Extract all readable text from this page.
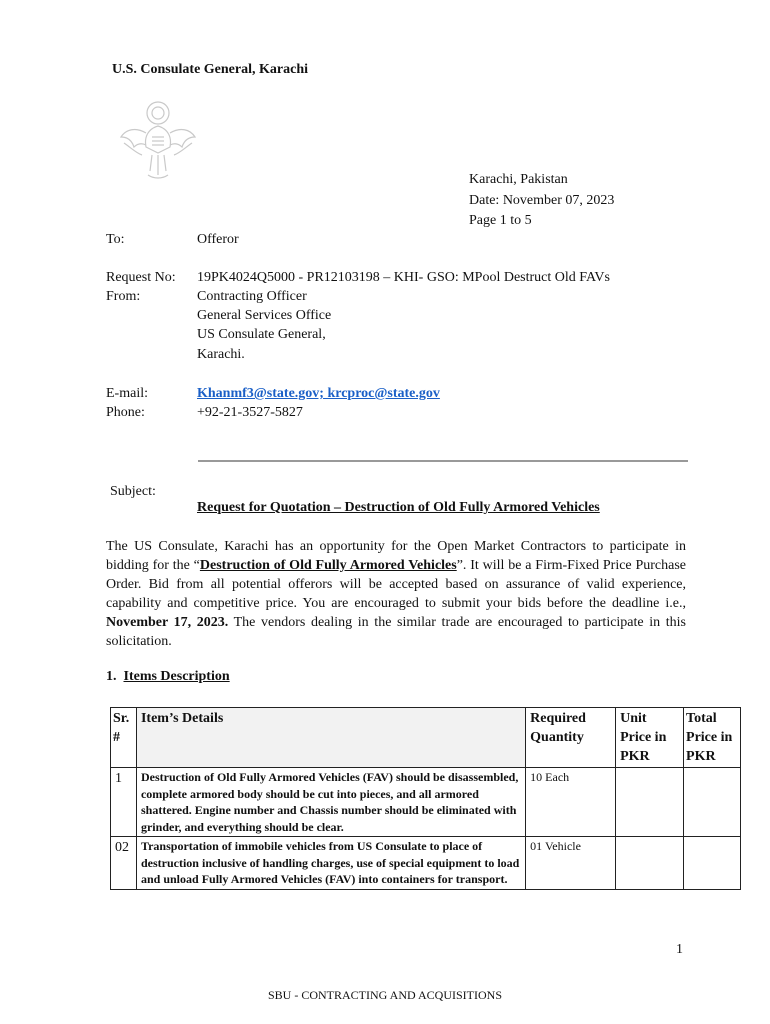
U.S. Consulate General, Karachi
Karachi, Pakistan
Date: November 07, 2023
Page 1 to 5
To:	Offeror
Request No: 19PK4024Q5000 - PR12103198 – KHI- GSO: MPool Destruct Old FAVs
From:	Contracting Officer
General Services Office
US Consulate General,
Karachi.
E-mail:	Khanmf3@state.gov; krcproc@state.gov
Phone:	+92-21-3527-5827
Subject:
Request for Quotation – Destruction of Old Fully Armored Vehicles
The US Consulate, Karachi has an opportunity for the Open Market Contractors to participate in bidding for the “Destruction of Old Fully Armored Vehicles”. It will be a Firm-Fixed Price Purchase Order. Bid from all potential offerors will be accepted based on assurance of valid experience, capability and competitive price. You are encouraged to submit your bids before the deadline i.e., November 17, 2023. The vendors dealing in the similar trade are encouraged to participate in this solicitation.
1. Items Description
Sr. #	Item’s Details	Required Quantity	Unit Price in PKR	Total Price in PKR
1	Destruction of Old Fully Armored Vehicles (FAV) should be disassembled, complete armored body should be cut into pieces, and all armored shattered. Engine number and Chassis number should be eliminated with grinder, and everything should be clear.	10 Each		
02	Transportation of immobile vehicles from US Consulate to place of destruction inclusive of handling charges, use of special equipment to load and unload Fully Armored Vehicles (FAV) into containers for transport.	01 Vehicle		
1
SBU - CONTRACTING AND ACQUISITIONS
